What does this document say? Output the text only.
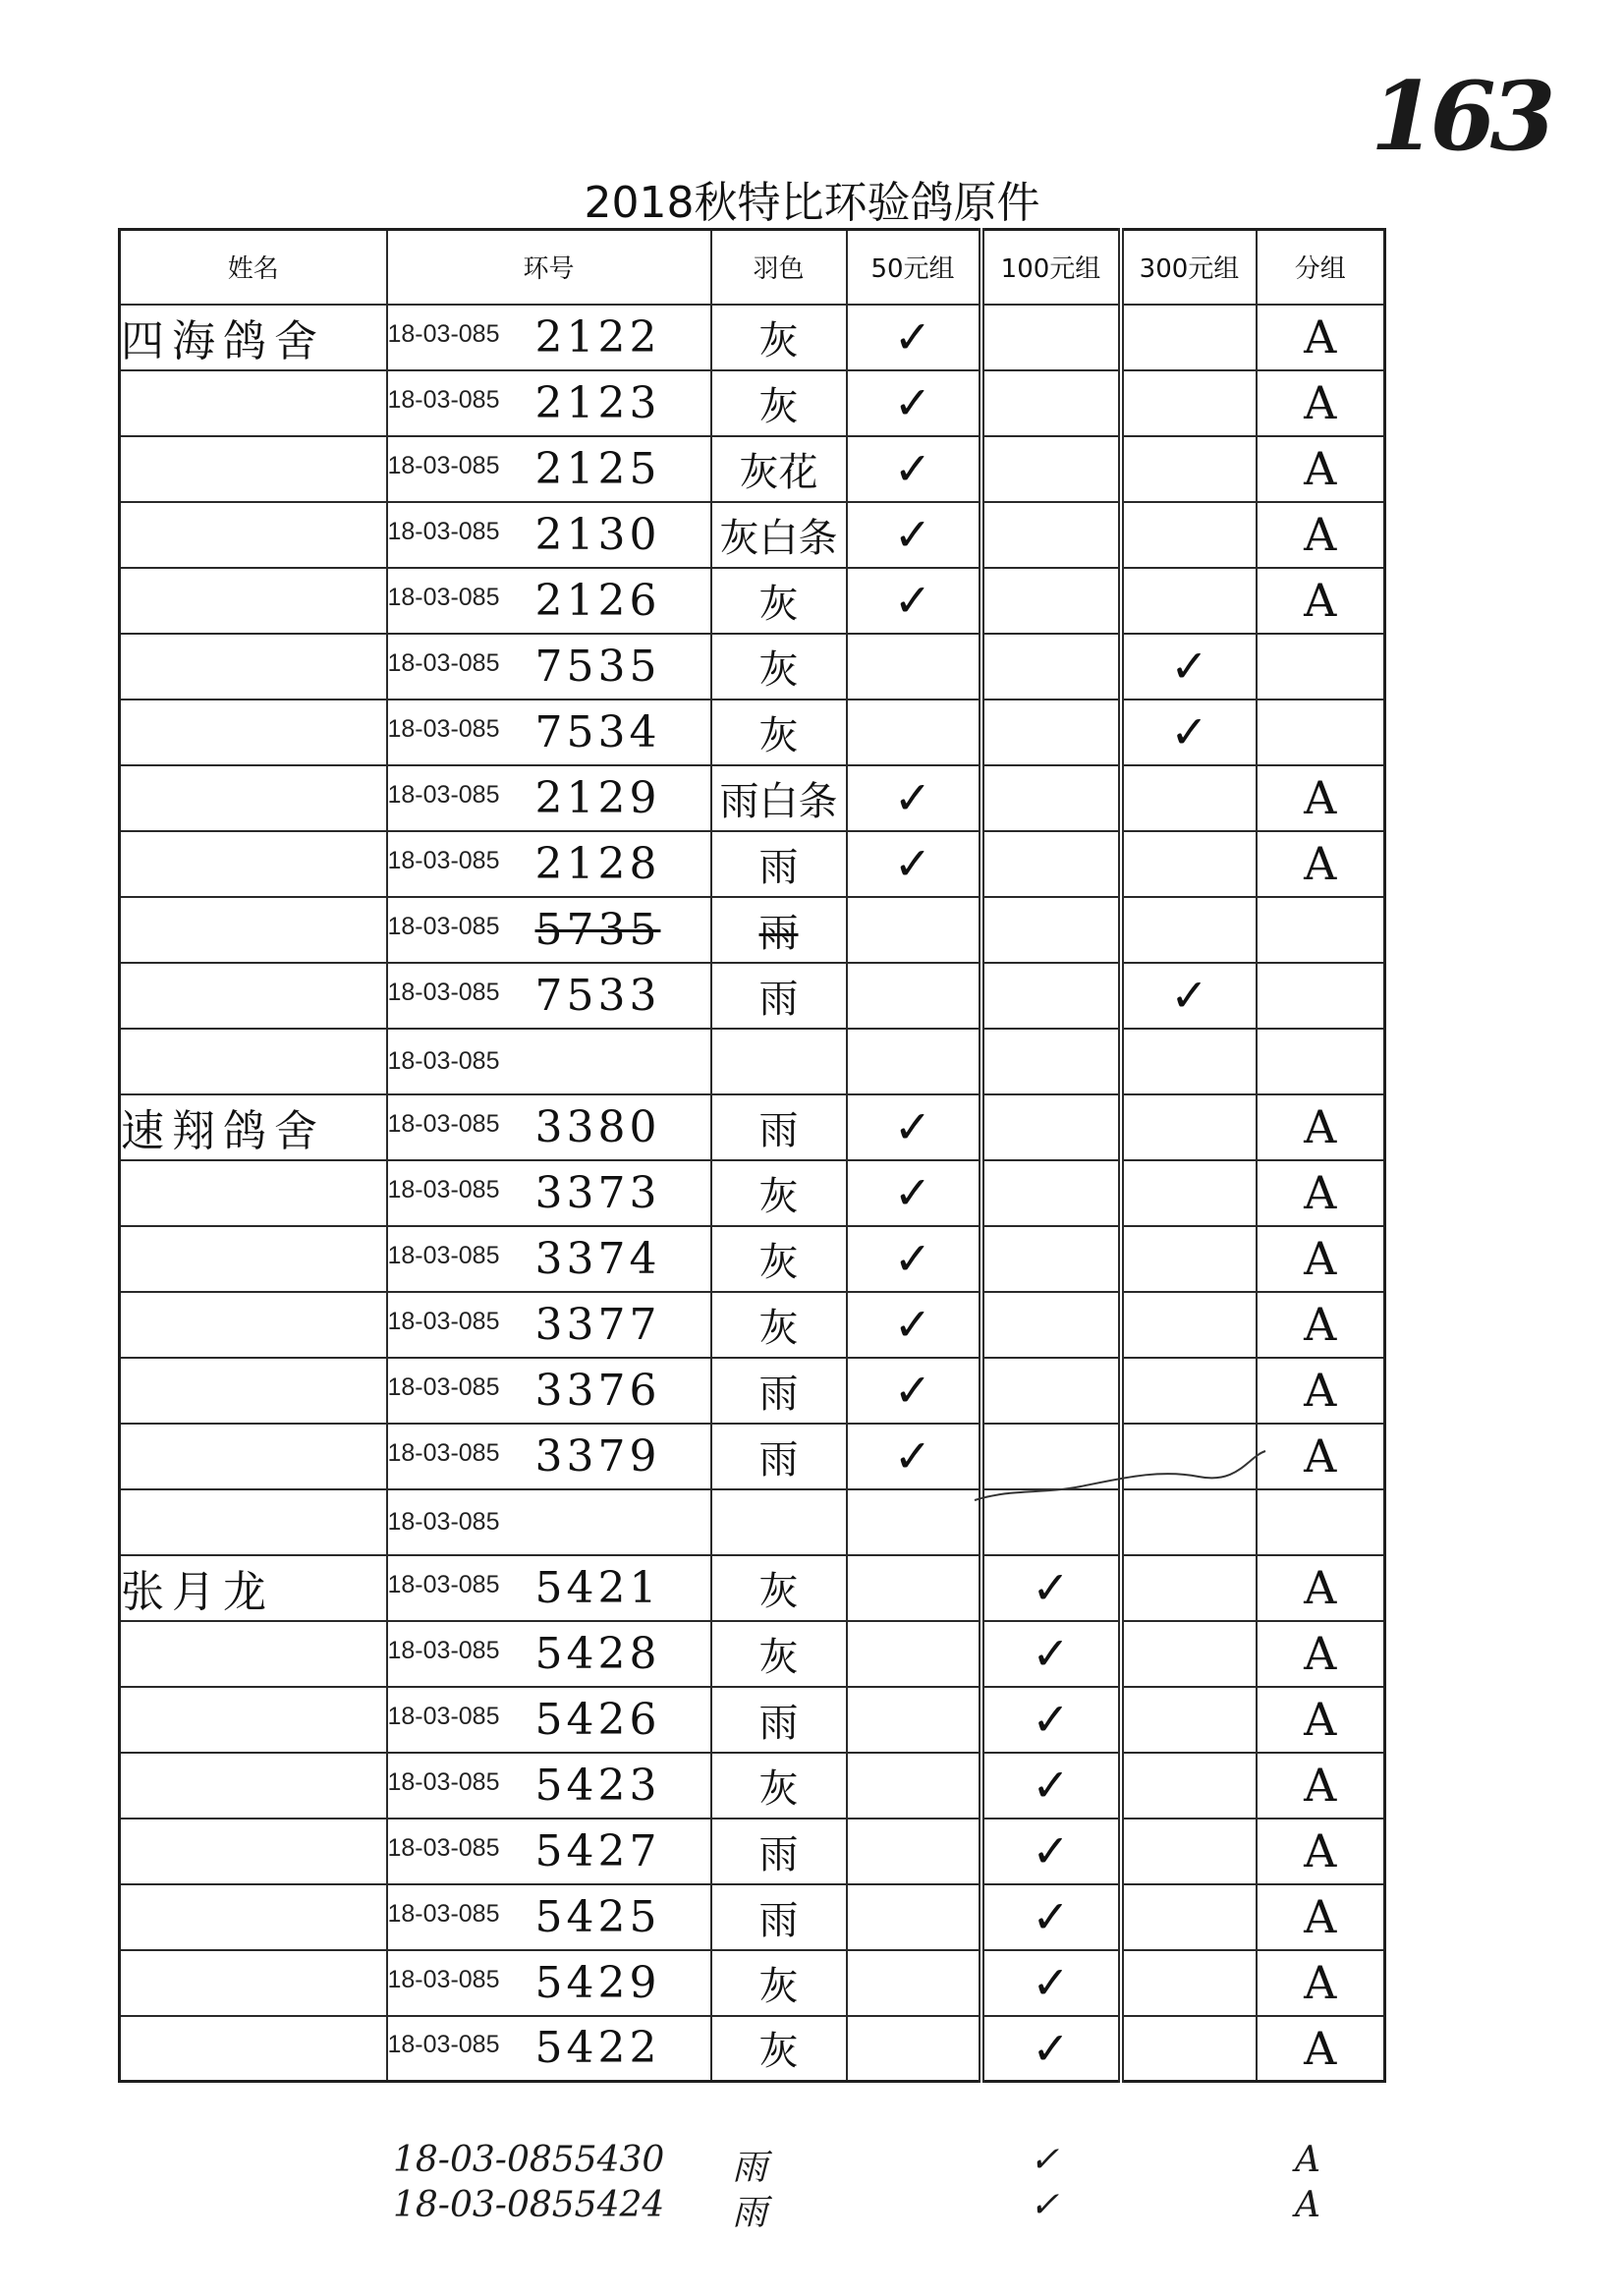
163
2018秋特比环验鸽原件
姓名	环号	羽色	50元组	100元组	300元组	分组
四海鸽舍	18-03-085 2122	灰	✓			A
	18-03-085 2123	灰	✓			A
	18-03-085 2125	灰花	✓			A
	18-03-085 2130	灰白条	✓			A
	18-03-085 2126	灰	✓			A
	18-03-085 7535	灰			✓	
	18-03-085 7534	灰			✓	
	18-03-085 2129	雨白条	✓			A
	18-03-085 2128	雨	✓			A
	18-03-085 5735	雨				
	18-03-085 7533	雨			✓	
	18-03-085					
速翔鸽舍	18-03-085 3380	雨	✓			A
	18-03-085 3373	灰	✓			A
	18-03-085 3374	灰	✓			A
	18-03-085 3377	灰	✓			A
	18-03-085 3376	雨	✓			A
	18-03-085 3379	雨	✓			A
	18-03-085					
张月龙	18-03-085 5421	灰		✓		A
	18-03-085 5428	灰		✓		A
	18-03-085 5426	雨		✓		A
	18-03-085 5423	灰		✓		A
	18-03-085 5427	雨		✓		A
	18-03-085 5425	雨		✓		A
	18-03-085 5429	灰		✓		A
	18-03-085 5422	灰		✓		A
18-03-0855430 雨	✓	A
18-03-0855424 雨	✓	A
